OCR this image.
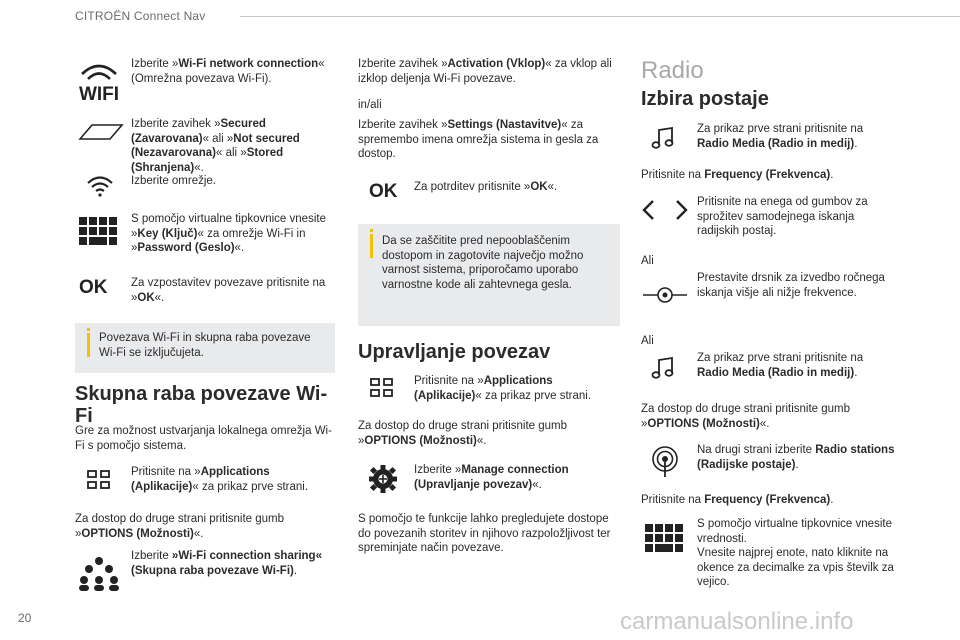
CITROËN Connect Nav
WIFI
Izberite »Wi-Fi network connection« (Omrežna povezava Wi-Fi).
Izberite zavihek »Secured (Zavarovana)« ali »Not secured (Nezavarovana)« ali »Stored (Shranjena)«.
Izberite omrežje.
S pomočjo virtualne tipkovnice vnesite »Key (Ključ)« za omrežje Wi-Fi in »Password (Geslo)«.
OK Za vzpostavitev povezave pritisnite na »OK«.
Povezava Wi-Fi in skupna raba povezave Wi-Fi se izključujeta.
Skupna raba povezave Wi-Fi
Gre za možnost ustvarjanja lokalnega omrežja Wi-Fi s pomočjo sistema.
Pritisnite na »Applications (Aplikacije)« za prikaz prve strani.
Za dostop do druge strani pritisnite gumb »OPTIONS (Možnosti)«.
Izberite »Wi-Fi connection sharing« (Skupna raba povezave Wi-Fi).
Izberite zavihek »Activation (Vklop)« za vklop ali izklop deljenja Wi-Fi povezave.
in/ali
Izberite zavihek »Settings (Nastavitve)« za spremembo imena omrežja sistema in gesla za dostop.
OK Za potrditev pritisnite »OK«.
Da se zaščitite pred nepooblaščenim dostopom in zagotovite največjo možno varnost sistema, priporočamo uporabo varnostne kode ali zahtevnega gesla.
Upravljanje povezav
Pritisnite na »Applications (Aplikacije)« za prikaz prve strani.
Za dostop do druge strani pritisnite gumb »OPTIONS (Možnosti)«.
Izberite »Manage connection (Upravljanje povezav)«.
S pomočjo te funkcije lahko pregledujete dostope do povezanih storitev in njihovo razpoložljivost ter spreminjate način povezave.
Radio
Izbira postaje
Za prikaz prve strani pritisnite na Radio Media (Radio in medij).
Pritisnite na Frequency (Frekvenca).
Pritisnite na enega od gumbov za sprožitev samodejnega iskanja radijskih postaj.
Ali
Prestavite drsnik za izvedbo ročnega iskanja višje ali nižje frekvence.
Ali
Za prikaz prve strani pritisnite na Radio Media (Radio in medij).
Za dostop do druge strani pritisnite gumb »OPTIONS (Možnosti)«.
Na drugi strani izberite Radio stations (Radijske postaje).
Pritisnite na Frequency (Frekvenca).
S pomočjo virtualne tipkovnice vnesite vrednosti.
Vnesite najprej enote, nato kliknite na okence za decimalke za vpis številk za vejico.
20	carmanualsonline.info
